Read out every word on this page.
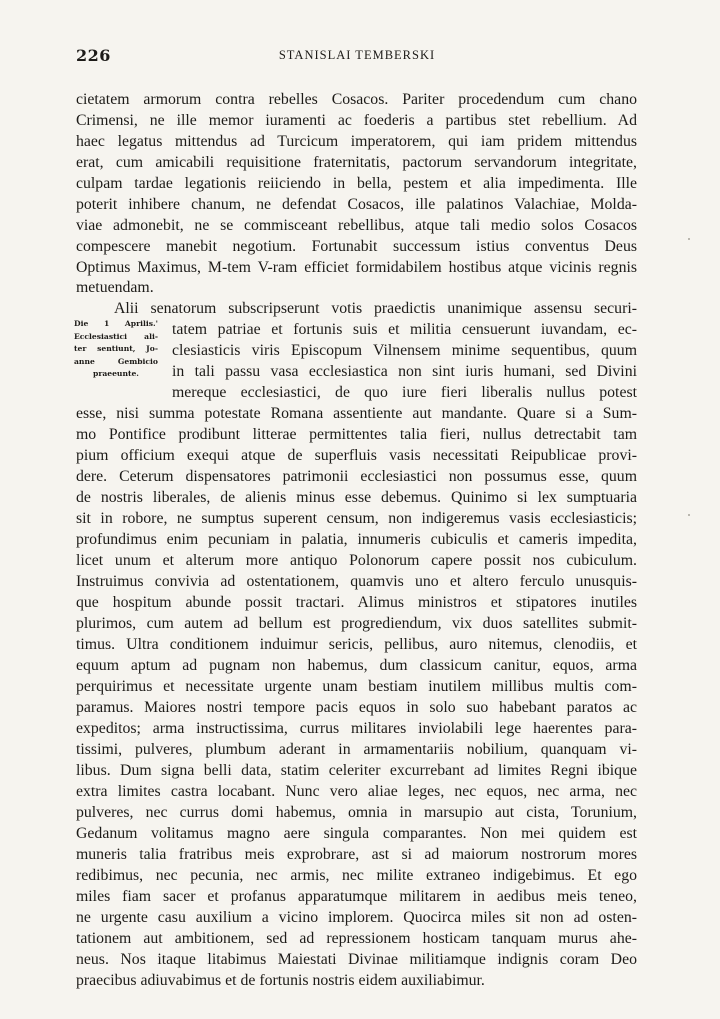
226	STANISLAI TEMBERSKI
Die 1 Aprilis.'
Ecclesiastici ali-
ter sentiunt, Jo-
anne Gembicio
praeeunte.
cietatem armorum contra rebelles Cosacos. Pariter procedendum cum chano
Crimensi, ne ille memor iuramenti ac foederis a partibus stet rebellium. Ad
haec legatus mittendus ad Turcicum imperatorem, qui iam pridem mittendus
erat, cum amicabili requisitione fraternitatis, pactorum servandorum integritate,
culpam tardae legationis reiiciendo in bella, pestem et alia impedimenta. Ille
poterit inhibere chanum, ne defendat Cosacos, ille palatinos Valachiae, Molda-
viae admonebit, ne se commisceant rebellibus, atque tali medio solos Cosacos
compescere manebit negotium. Fortunabit successum istius conventus Deus
Optimus Maximus, M-tem V-ram efficiet formidabilem hostibus atque vicinis regnis
metuendam.
Alii senatorum subscripserunt votis praedictis unanimique assensu securi-
tatem patriae et fortunis suis et militia censuerunt iuvandam, ec-
clesiasticis viris Episcopum Vilnensem minime sequentibus, quum
in tali passu vasa ecclesiastica non sint iuris humani, sed Divini
mereque ecclesiastici, de quo iure fieri liberalis nullus potest
esse, nisi summa potestate Romana assentiente aut mandante. Quare si a Sum-
mo Pontifice prodibunt litterae permittentes talia fieri, nullus detrectabit tam
pium officium exequi atque de superfluis vasis necessitati Reipublicae provi-
dere. Ceterum dispensatores patrimonii ecclesiastici non possumus esse, quum
de nostris liberales, de alienis minus esse debemus. Quinimo si lex sumptuaria
sit in robore, ne sumptus superent censum, non indigeremus vasis ecclesiasticis;
profundimus enim pecuniam in palatia, innumeris cubiculis et cameris impedita,
licet unum et alterum more antiquo Polonorum capere possit nos cubiculum.
Instruimus convivia ad ostentationem, quamvis uno et altero ferculo unusquis-
que hospitum abunde possit tractari. Alimus ministros et stipatores inutiles
plurimos, cum autem ad bellum est progrediendum, vix duos satellites submit-
timus. Ultra conditionem induimur sericis, pellibus, auro nitemus, clenodiis, et
equum aptum ad pugnam non habemus, dum classicum canitur, equos, arma
perquirimus et necessitate urgente unam bestiam inutilem millibus multis com-
paramus. Maiores nostri tempore pacis equos in solo suo habebant paratos ac
expeditos; arma instructissima, currus militares inviolabili lege haerentes para-
tissimi, pulveres, plumbum aderant in armamentariis nobilium, quanquam vi-
libus. Dum signa belli data, statim celeriter excurrebant ad limites Regni ibique
extra limites castra locabant. Nunc vero aliae leges, nec equos, nec arma, nec
pulveres, nec currus domi habemus, omnia in marsupio aut cista, Torunium,
Gedanum volitamus magno aere singula comparantes. Non mei quidem est
muneris talia fratribus meis exprobrare, ast si ad maiorum nostrorum mores
redibimus, nec pecunia, nec armis, nec milite extraneo indigebimus. Et ego
miles fiam sacer et profanus apparatumque militarem in aedibus meis teneo,
ne urgente casu auxilium a vicino implorem. Quocirca miles sit non ad osten-
tationem aut ambitionem, sed ad repressionem hosticam tanquam murus ahe-
neus. Nos itaque litabimus Maiestati Divinae militiamque indignis coram Deo
praecibus adiuvabimus et de fortunis nostris eidem auxiliabimur.
